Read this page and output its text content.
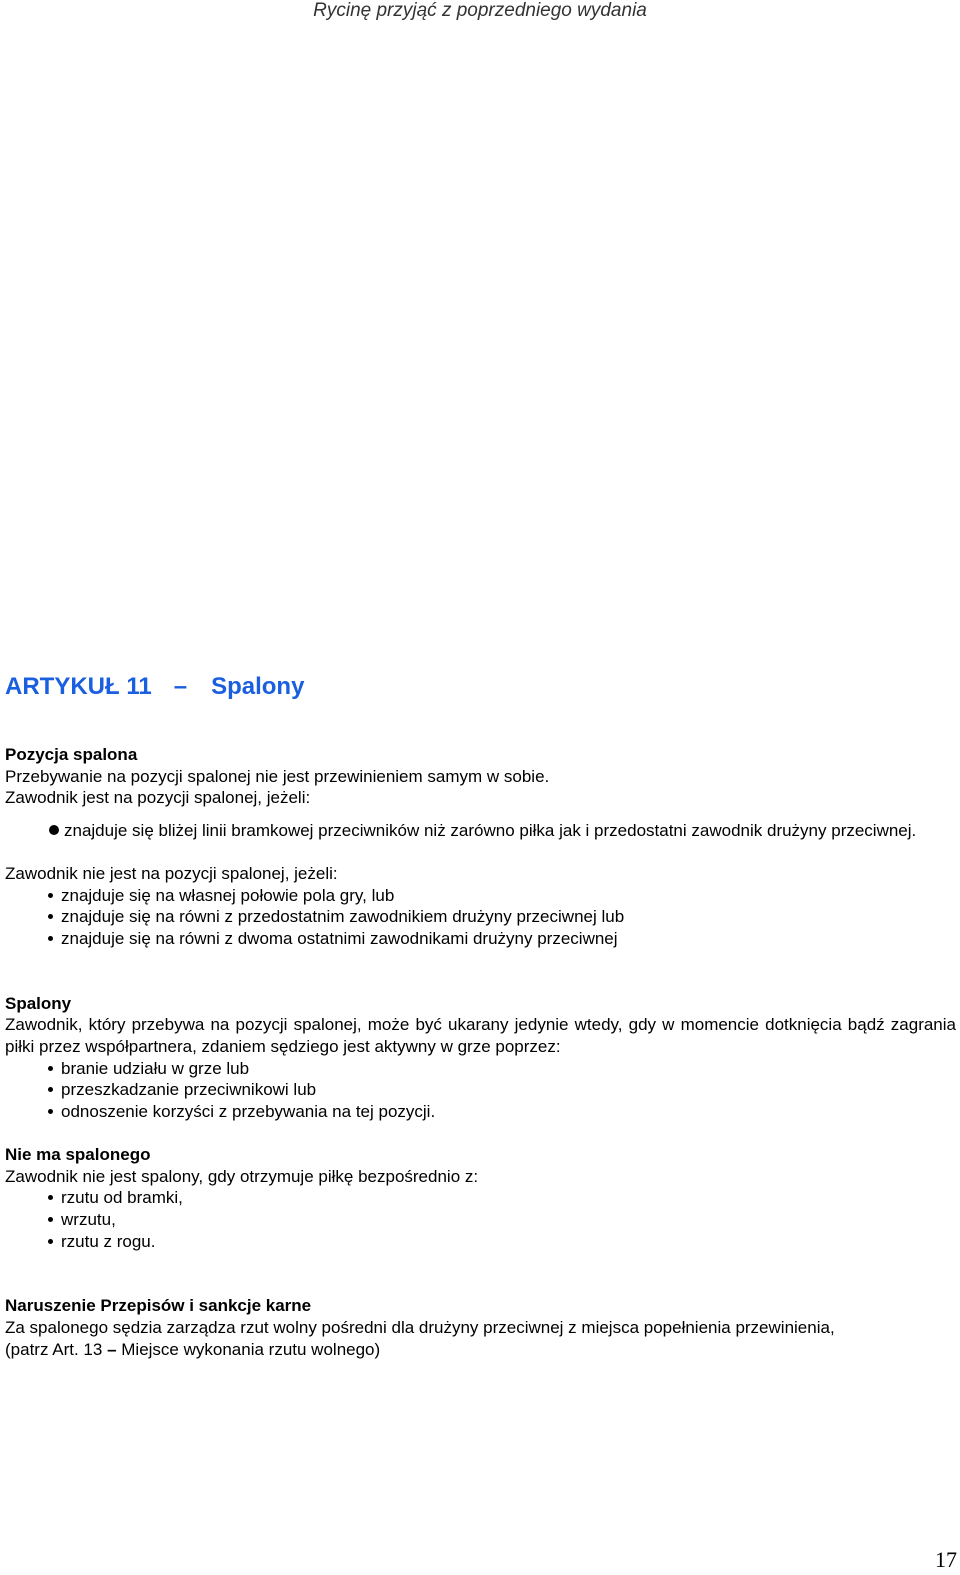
Rycinę przyjąć z poprzedniego wydania
ARTYKUŁ 11 – Spalony

Pozycja spalona

Przebywanie na pozycji spalonej nie jest przewinieniem samym w sobie.

Zawodnik jest na pozycji spalonej, jeżeli:

znajduje się bliżej linii bramkowej przeciwników niż zarówno piłka jak i przedostatni zawodnik drużyny przeciwnej.

Zawodnik nie jest na pozycji spalonej, jeżeli:

znajduje się na własnej połowie pola gry, lub
znajduje się na równi z przedostatnim zawodnikiem drużyny przeciwnej lub
znajduje się na równi z dwoma ostatnimi zawodnikami drużyny przeciwnej

Spalony

Zawodnik, który przebywa na pozycji spalonej, może być ukarany jedynie wtedy, gdy w momencie dotknięcia bądź zagrania piłki przez współpartnera, zdaniem sędziego jest aktywny w grze poprzez:

branie udziału w grze lub
przeszkadzanie przeciwnikowi lub
odnoszenie korzyści z przebywania na tej pozycji.

Nie ma spalonego

Zawodnik nie jest spalony, gdy otrzymuje piłkę bezpośrednio z:

rzutu od bramki,
wrzutu,
rzutu z rogu.

Naruszenie Przepisów i sankcje karne

Za spalonego sędzia zarządza rzut wolny pośredni dla drużyny przeciwnej z miejsca popełnienia przewinienia,

(patrz Art. 13 – Miejsce wykonania rzutu wolnego)

17
